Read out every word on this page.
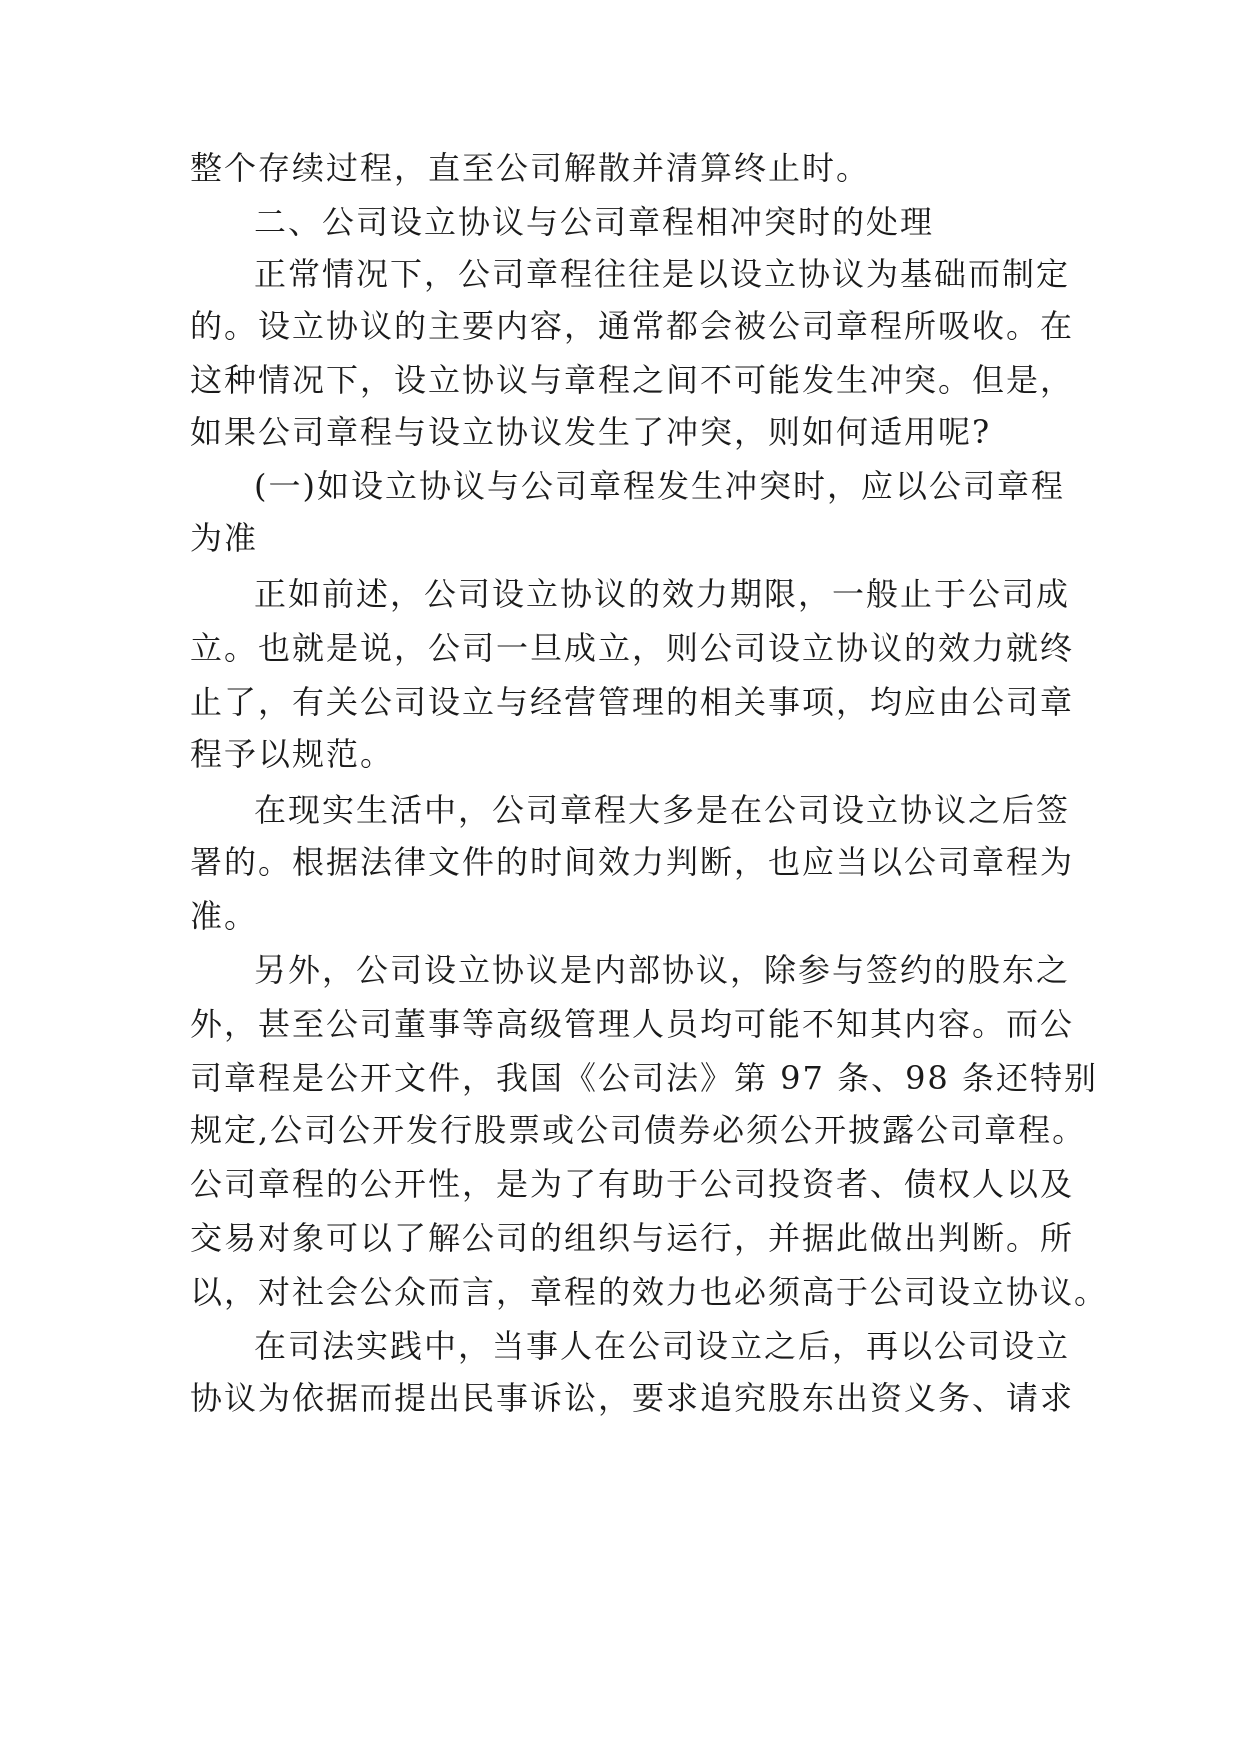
整个存续过程，直至公司解散并清算终止时。
二、公司设立协议与公司章程相冲突时的处理
正常情况下，公司章程往往是以设立协议为基础而制定
的。设立协议的主要内容，通常都会被公司章程所吸收。在
这种情况下，设立协议与章程之间不可能发生冲突。但是，
如果公司章程与设立协议发生了冲突，则如何适用呢?
(一)如设立协议与公司章程发生冲突时，应以公司章程
为准
正如前述，公司设立协议的效力期限，一般止于公司成
立。也就是说，公司一旦成立，则公司设立协议的效力就终
止了，有关公司设立与经营管理的相关事项，均应由公司章
程予以规范。
在现实生活中，公司章程大多是在公司设立协议之后签
署的。根据法律文件的时间效力判断，也应当以公司章程为
准。
另外，公司设立协议是内部协议，除参与签约的股东之
外，甚至公司董事等高级管理人员均可能不知其内容。而公
司章程是公开文件，我国《公司法》第 97 条、98 条还特别
规定,公司公开发行股票或公司债券必须公开披露公司章程。
公司章程的公开性，是为了有助于公司投资者、债权人以及
交易对象可以了解公司的组织与运行，并据此做出判断。所
以，对社会公众而言，章程的效力也必须高于公司设立协议。
在司法实践中，当事人在公司设立之后，再以公司设立
协议为依据而提出民事诉讼，要求追究股东出资义务、请求
